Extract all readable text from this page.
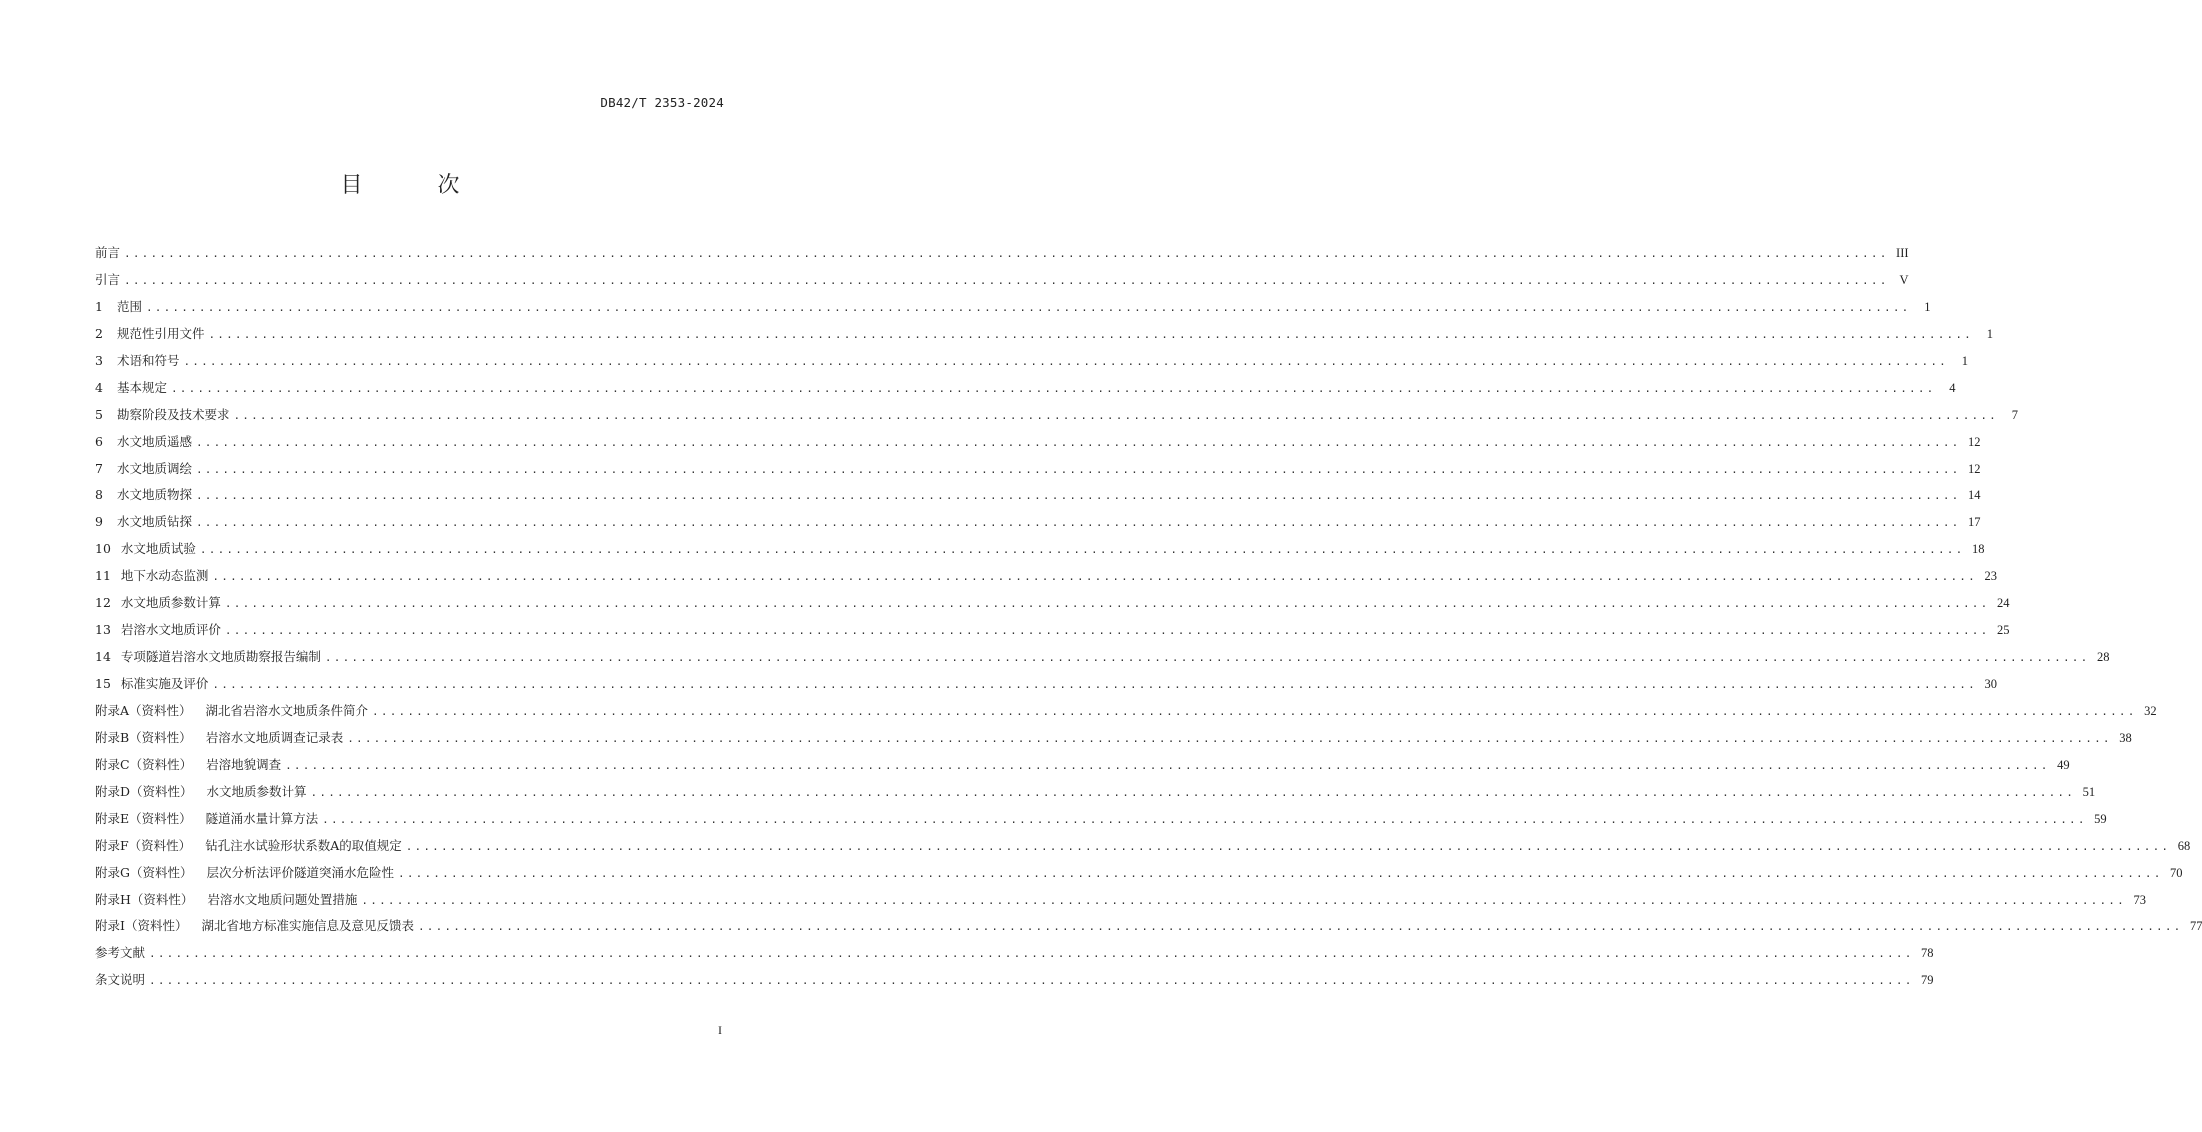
DB42/T 2353-2024
目 次
前言 ........................................................................................................................................................................................................ III
引言 ........................................................................................................................................................................................................ V
1 范围 ........................................................................................................................................................................................................	1
2 规范性引用文件 ........................................................................................................................................................................................................	1
3 术语和符号 ........................................................................................................................................................................................................	1
4 基本规定 ........................................................................................................................................................................................................	4
5 勘察阶段及技术要求 ........................................................................................................................................................................................................	7
6 水文地质遥感 ........................................................................................................................................................................................................ 12
7 水文地质调绘 ........................................................................................................................................................................................................ 12
8 水文地质物探 ........................................................................................................................................................................................................ 14
9 水文地质钻探 ........................................................................................................................................................................................................ 17
10 水文地质试验 ........................................................................................................................................................................................................ 18
11 地下水动态监测 ........................................................................................................................................................................................................ 23
12 水文地质参数计算 ........................................................................................................................................................................................................ 24
13 岩溶水文地质评价 ........................................................................................................................................................................................................ 25
14 专项隧道岩溶水文地质勘察报告编制 ........................................................................................................................................................................................................ 28
15 标准实施及评价 ........................................................................................................................................................................................................ 30
附录A（资料性） 湖北省岩溶水文地质条件简介 ........................................................................................................................................................................................................ 32
附录B（资料性） 岩溶水文地质调查记录表 ........................................................................................................................................................................................................ 38
附录C（资料性） 岩溶地貌调查 ........................................................................................................................................................................................................ 49
附录D（资料性） 水文地质参数计算 ........................................................................................................................................................................................................ 51
附录E（资料性） 隧道涌水量计算方法 ........................................................................................................................................................................................................ 59
附录F（资料性） 钻孔注水试验形状系数A的取值规定 ........................................................................................................................................................................................................ 68
附录G（资料性） 层次分析法评价隧道突涌水危险性 ........................................................................................................................................................................................................ 70
附录H（资料性） 岩溶水文地质问题处置措施 ........................................................................................................................................................................................................ 73
附录I（资料性） 湖北省地方标准实施信息及意见反馈表 ........................................................................................................................................................................................................ 77
参考文献 ........................................................................................................................................................................................................ 78
条文说明 ........................................................................................................................................................................................................ 79
I
